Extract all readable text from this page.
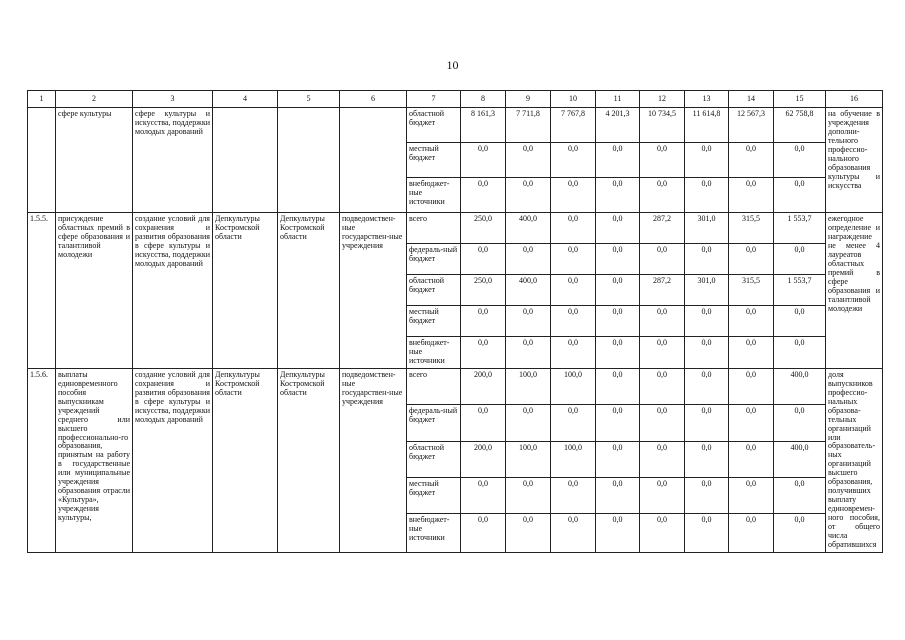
10
1	2	3	4	5	6	7	8	9	10	11	12	13	14	15	16
	сфере культуры	сфере культуры и искусства, поддержки молодых дарований				областной бюджет	8 161,3	7 711,8	7 767,8	4 201,3	10 734,5	11 614,8	12 567,3	62 758,8	на обучение в учреждения дополни-тельного професcио-нального образования культуры и искусства
						местный бюджет	0,0	0,0	0,0	0,0	0,0	0,0	0,0	0,0	
						внебюджет-ные источники	0,0	0,0	0,0	0,0	0,0	0,0	0,0	0,0	
1.5.5.	присуждение областных премий в сфере образования и талантливой молодежи	создание условий для сохранения и развития образования в сфере культуры и искусства, поддержки молодых дарований	Депкультуры Костромской области	Депкультуры Костромской области	подведомствен-ные государствен-ные учреждения	всего	250,0	400,0	0,0	0,0	287,2	301,0	315,5	1 553,7	ежегодное определение и награждение не менее 4 лауреатов областных премий в сфере образования и талантливой молодежи
						федераль-ный бюджет	0,0	0,0	0,0	0,0	0,0	0,0	0,0	0,0	
						областной бюджет	250,0	400,0	0,0	0,0	287,2	301,0	315,5	1 553,7	
						местный бюджет	0,0	0,0	0,0	0,0	0,0	0,0	0,0	0,0	
						внебюджет-ные источники	0,0	0,0	0,0	0,0	0,0	0,0	0,0	0,0	
1.5.6.	выплаты единовременного пособия выпускникам учреждений среднего или высшего профессионально-го образования, принятым на работу в государственные или муниципальные учреждения образования отрасли «Культура», учреждения культуры,	создание условий для сохранения и развития образования в сфере культуры и искусства, поддержки молодых дарований	Депкультуры Костромской области	Депкультуры Костромской области	подведомствен-ные государствен-ные учреждения	всего	200,0	100,0	100,0	0,0	0,0	0,0	0,0	400,0	доля выпускников профессио-нальных образова-тельных организаций или образователь-ных организаций высшего образования, получивших выплату единовремен-ного пособия, от общего числа обратившихся
						федераль-ный бюджет	0,0	0,0	0,0	0,0	0,0	0,0	0,0	0,0	
						областной бюджет	200,0	100,0	100,0	0,0	0,0	0,0	0,0	400,0	
						местный бюджет	0,0	0,0	0,0	0,0	0,0	0,0	0,0	0,0	
						внебюджет-ные источники	0,0	0,0	0,0	0,0	0,0	0,0	0,0	0,0	
